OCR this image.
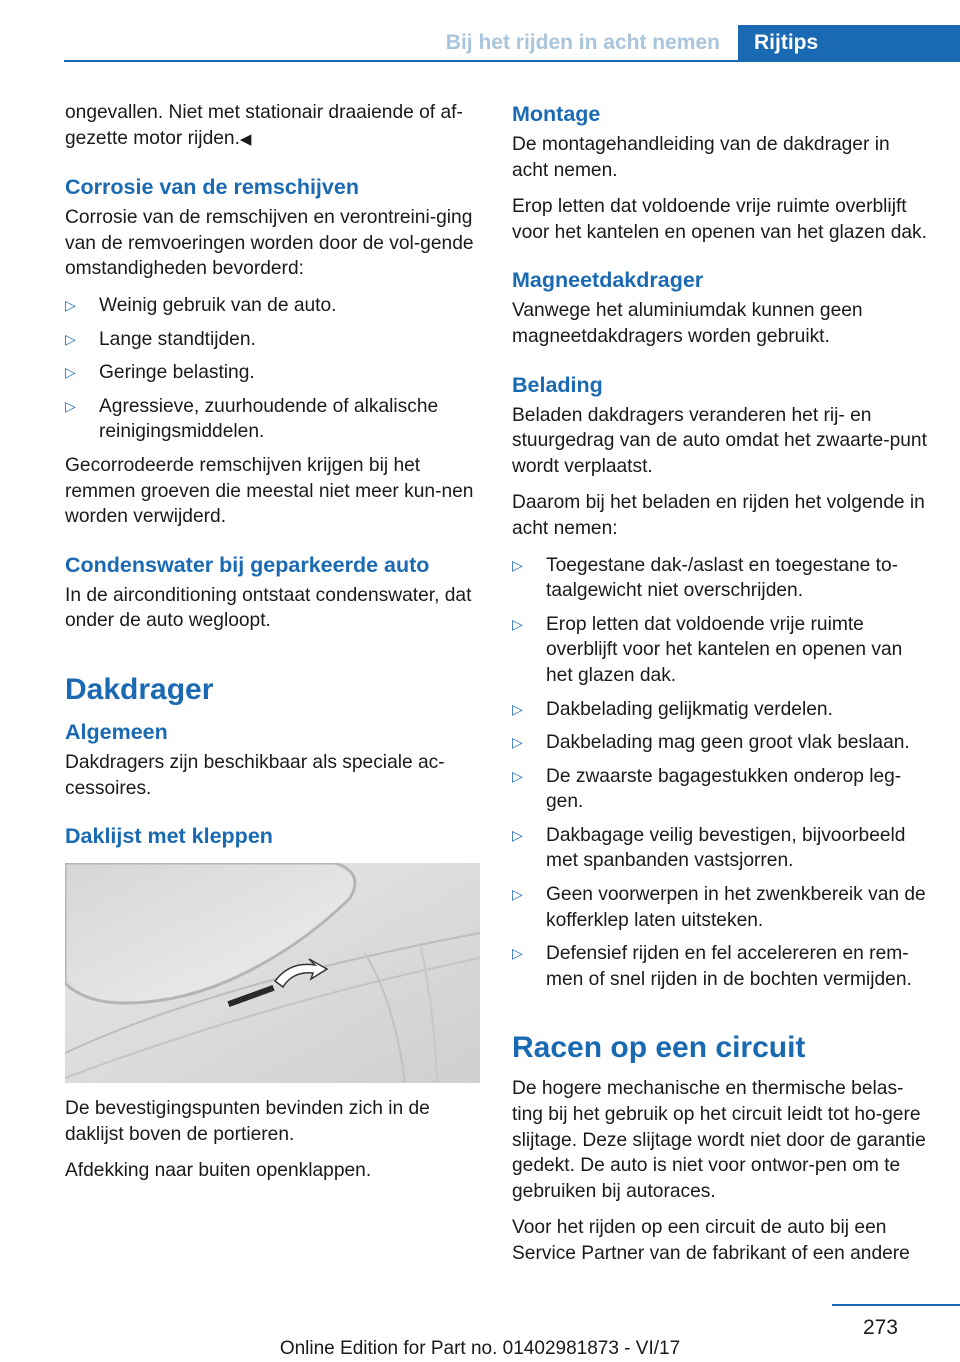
Bij het rijden in acht nemen	Rijtips

ongevallen. Niet met stationair draaiende of af‐gezette motor rijden.◀

Corrosie van de remschijven

Corrosie van de remschijven en verontreini‐ging van de remvoeringen worden door de vol‐gende omstandigheden bevorderd:

▷ Weinig gebruik van de auto.
▷ Lange standtijden.
▷ Geringe belasting.
▷ Agressieve, zuurhoudende of alkalische reinigingsmiddelen.

Gecorrodeerde remschijven krijgen bij het remmen groeven die meestal niet meer kun‐nen worden verwijderd.

Condenswater bij geparkeerde auto

In de airconditioning ontstaat condenswater, dat onder de auto wegloopt.

Dakdrager
Algemeen

Dakdragers zijn beschikbaar als speciale ac‐cessoires.

Daklijst met kleppen

De bevestigingspunten bevinden zich in de daklijst boven de portieren.

Afdekking naar buiten openklappen.

Montage

De montagehandleiding van de dakdrager in acht nemen.

Erop letten dat voldoende vrije ruimte overblijft voor het kantelen en openen van het glazen dak.

Magneetdakdrager

Vanwege het aluminiumdak kunnen geen magneetdakdragers worden gebruikt.

Belading

Beladen dakdragers veranderen het rij- en stuurgedrag van de auto omdat het zwaarte‐punt wordt verplaatst.

Daarom bij het beladen en rijden het volgende in acht nemen:

▷ Toegestane dak-/aslast en toegestane to‐taalgewicht niet overschrijden.
▷ Erop letten dat voldoende vrije ruimte overblijft voor het kantelen en openen van het glazen dak.
▷ Dakbelading gelijkmatig verdelen.
▷ Dakbelading mag geen groot vlak beslaan.
▷ De zwaarste bagagestukken onderop leg‐gen.
▷ Dakbagage veilig bevestigen, bijvoorbeeld met spanbanden vastsjorren.
▷ Geen voorwerpen in het zwenkbereik van de kofferklep laten uitsteken.
▷ Defensief rijden en fel accelereren en rem‐men of snel rijden in de bochten vermijden.
Racen op een circuit

De hogere mechanische en thermische belas‐ting bij het gebruik op het circuit leidt tot ho‐gere slijtage. Deze slijtage wordt niet door de garantie gedekt. De auto is niet voor ontwor‐pen om te gebruiken bij autoraces.

Voor het rijden op een circuit de auto bij een Service Partner van de fabrikant of een andere

273
Online Edition for Part no. 01402981873 - VI/17
